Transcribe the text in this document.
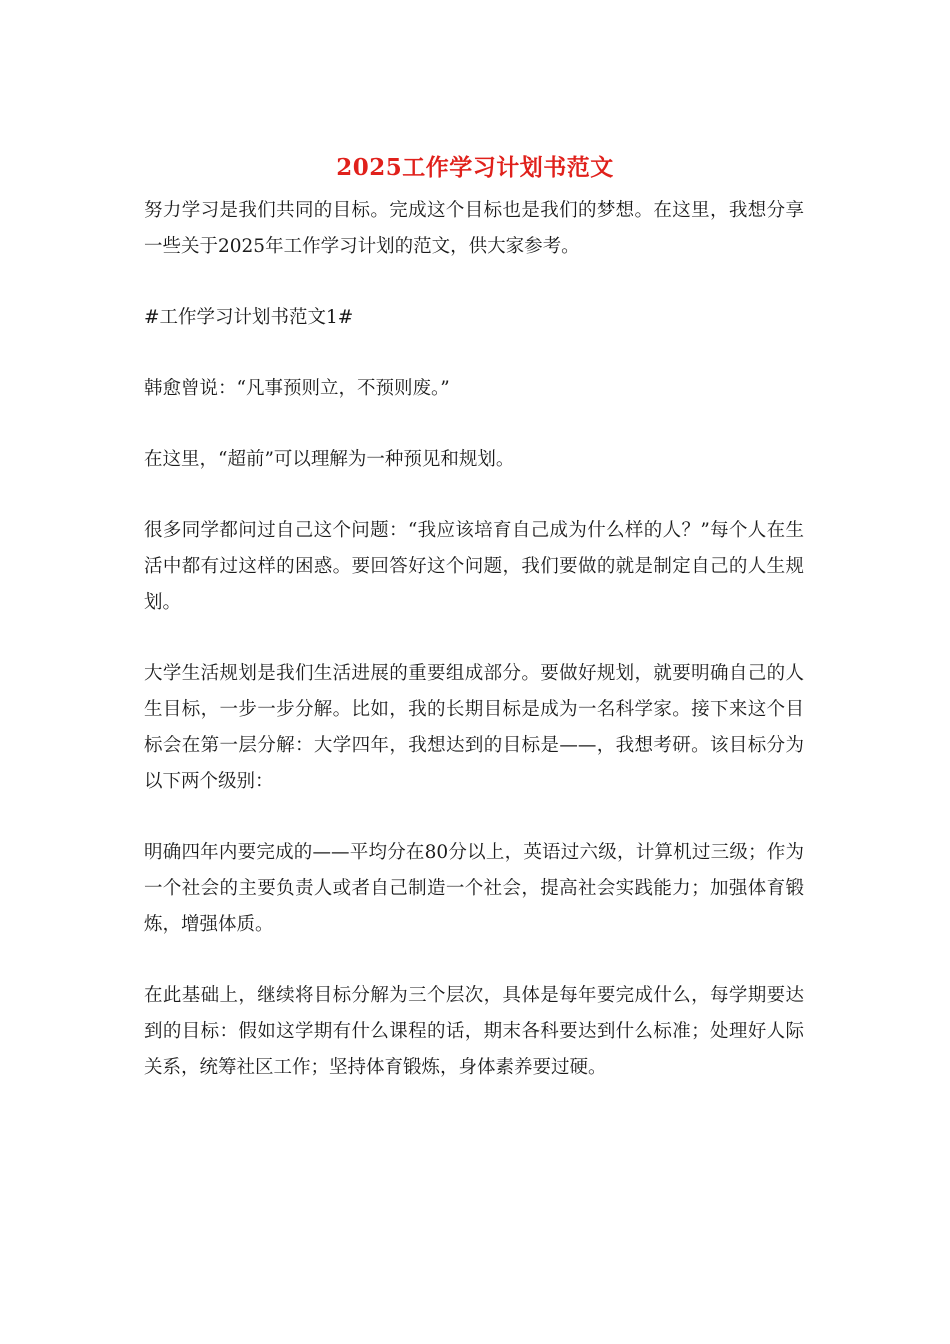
2025工作学习计划书范文

努力学习是我们共同的目标。完成这个目标也是我们的梦想。在这里，我想分享一些关于2025年工作学习计划的范文，供大家参考。

#工作学习计划书范文1#

韩愈曾说：“凡事预则立，不预则废。”

在这里，“超前”可以理解为一种预见和规划。

很多同学都问过自己这个问题：“我应该培育自己成为什么样的人？”每个人在生活中都有过这样的困惑。要回答好这个问题，我们要做的就是制定自己的人生规划。

大学生活规划是我们生活进展的重要组成部分。要做好规划，就要明确自己的人生目标，一步一步分解。比如，我的长期目标是成为一名科学家。接下来这个目标会在第一层分解：大学四年，我想达到的目标是——，我想考研。该目标分为以下两个级别：

明确四年内要完成的——平均分在80分以上，英语过六级，计算机过三级；作为一个社会的主要负责人或者自己制造一个社会，提高社会实践能力；加强体育锻炼，增强体质。

在此基础上，继续将目标分解为三个层次，具体是每年要完成什么，每学期要达到的目标：假如这学期有什么课程的话，期末各科要达到什么标准；处理好人际关系，统筹社区工作；坚持体育锻炼，身体素养要过硬。
